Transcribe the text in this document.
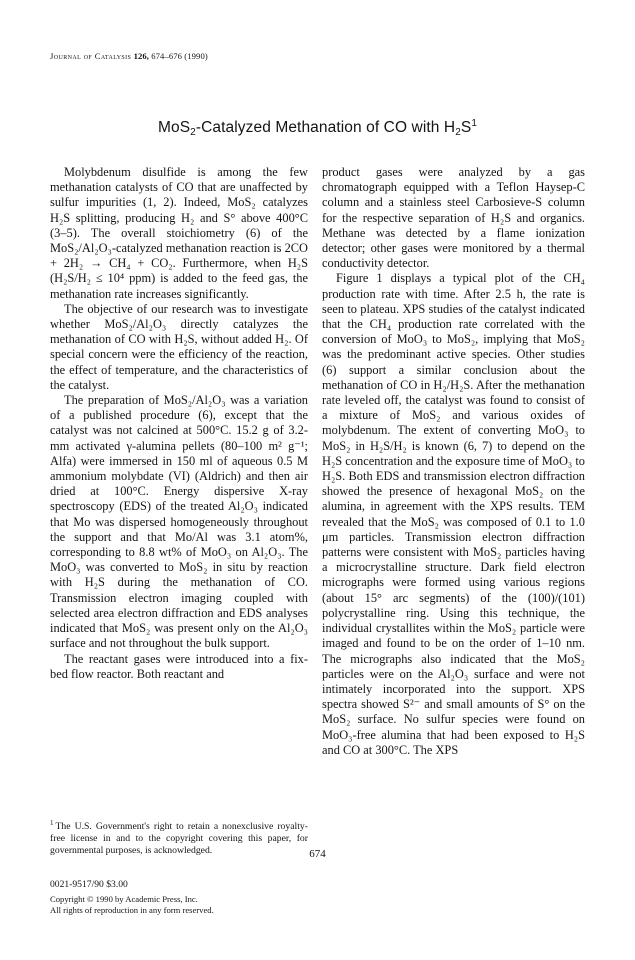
Journal of Catalysis 126, 674–676 (1990)
MoS$_2$-Catalyzed Methanation of CO with $H_2S^1$

Molybdenum disulfide is among the few methanation catalysts of CO that are unaffected by sulfur impurities (1, 2). Indeed, MoS₂ catalyzes H₂S splitting, producing H₂ and S° above 400°C (3–5). The overall stoichiometry (6) of the MoS₂/Al₂O₃-catalyzed methanation reaction is 2CO + 2H₂ → CH₄ + CO₂. Furthermore, when H₂S (H₂S/H₂ ≤ 10⁴ ppm) is added to the feed gas, the methanation rate increases significantly.

The objective of our research was to investigate whether MoS₂/Al₂O₃ directly catalyzes the methanation of CO with H₂S, without added H₂. Of special concern were the efficiency of the reaction, the effect of temperature, and the characteristics of the catalyst.

The preparation of MoS₂/Al₂O₃ was a variation of a published procedure (6), except that the catalyst was not calcined at 500°C. 15.2 g of 3.2-mm activated γ-alumina pellets (80–100 m² g⁻¹; Alfa) were immersed in 150 ml of aqueous 0.5 M ammonium molybdate (VI) (Aldrich) and then air dried at 100°C. Energy dispersive X-ray spectroscopy (EDS) of the treated Al₂O₃ indicated that Mo was dispersed homogeneously throughout the support and that Mo/Al was 3.1 atom%, corresponding to 8.8 wt% of MoO₃ on Al₂O₃. The MoO₃ was converted to MoS₂ in situ by reaction with H₂S during the methanation of CO. Transmission electron imaging coupled with selected area electron diffraction and EDS analyses indicated that MoS₂ was present only on the Al₂O₃ surface and not throughout the bulk support.

The reactant gases were introduced into a fix-bed flow reactor. Both reactant and

product gases were analyzed by a gas chromatograph equipped with a Teflon Haysep-C column and a stainless steel Carbosieve-S column for the respective separation of H₂S and organics. Methane was detected by a flame ionization detector; other gases were monitored by a thermal conductivity detector.

Figure 1 displays a typical plot of the CH₄ production rate with time. After 2.5 h, the rate is seen to plateau. XPS studies of the catalyst indicated that the CH₄ production rate correlated with the conversion of MoO₃ to MoS₂, implying that MoS₂ was the predominant active species. Other studies (6) support a similar conclusion about the methanation of CO in H₂/H₂S. After the methanation rate leveled off, the catalyst was found to consist of a mixture of MoS₂ and various oxides of molybdenum. The extent of converting MoO₃ to MoS₂ in H₂S/H₂ is known (6, 7) to depend on the H₂S concentration and the exposure time of MoO₃ to H₂S. Both EDS and transmission electron diffraction showed the presence of hexagonal MoS₂ on the alumina, in agreement with the XPS results. TEM revealed that the MoS₂ was composed of 0.1 to 1.0 μm particles. Transmission electron diffraction patterns were consistent with MoS₂ particles having a microcrystalline structure. Dark field electron micrographs were formed using various regions (about 15° arc segments) of the (100)/(101) polycrystalline ring. Using this technique, the individual crystallites within the MoS₂ particle were imaged and found to be on the order of 1–10 nm. The micrographs also indicated that the MoS₂ particles were on the Al₂O₃ surface and were not intimately incorporated into the support. XPS spectra showed S²⁻ and small amounts of S° on the MoS₂ surface. No sulfur species were found on MoO₃-free alumina that had been exposed to H₂S and CO at 300°C. The XPS

$^1$ The U.S. Government's right to retain a nonexclusive royalty-free license in and to the copyright covering this paper, for governmental purposes, is acknowledged.	674
0021-9517/90 $3.00
Copyright © 1990 by Academic Press, Inc.
All rights of reproduction in any form reserved.
